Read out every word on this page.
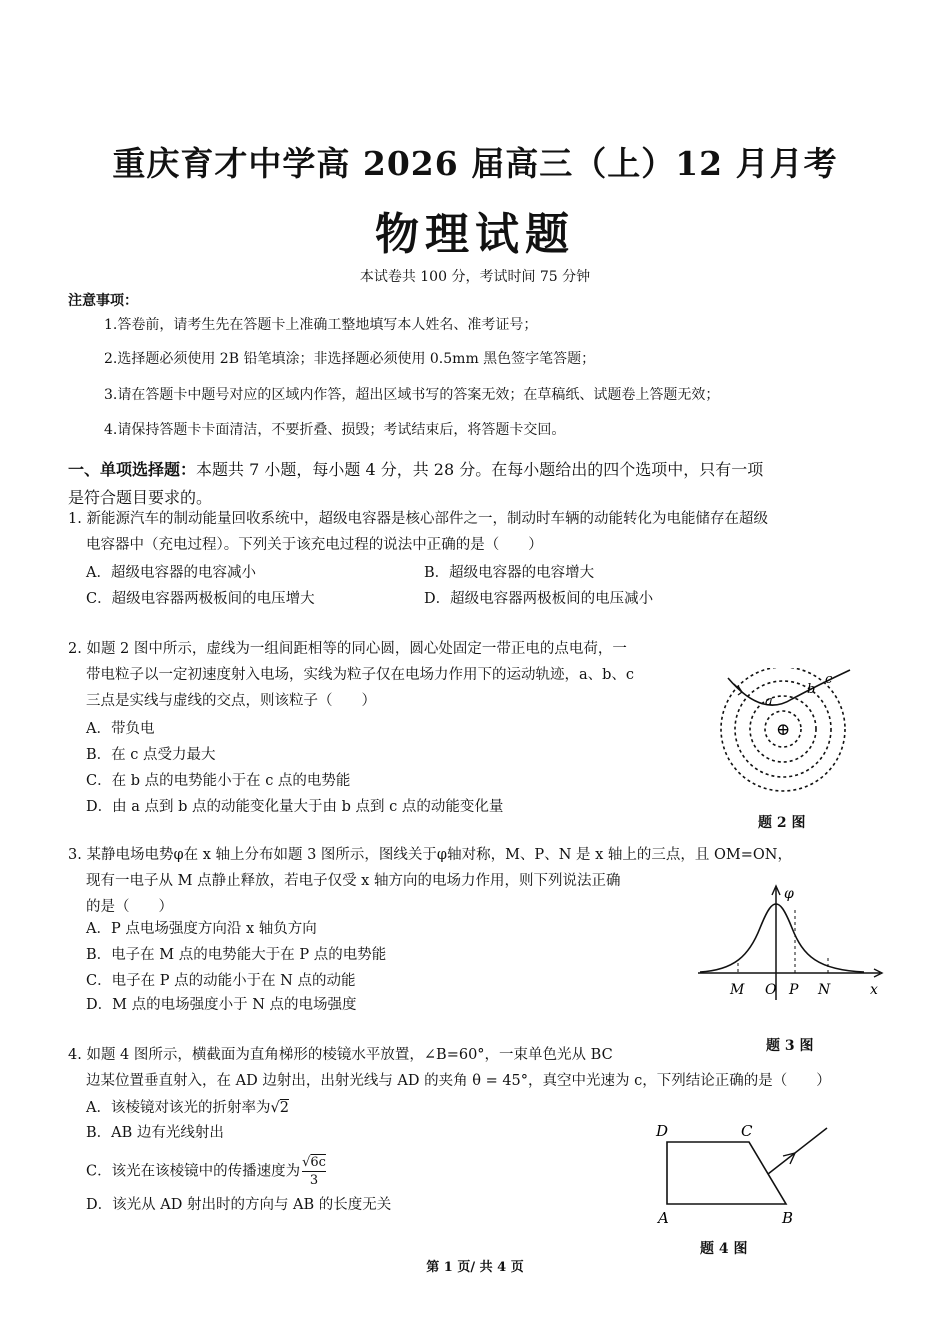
重庆育才中学高 2026 届高三（上）12 月月考
物理试题
本试卷共 100 分，考试时间 75 分钟
注意事项：
1.答卷前，请考生先在答题卡上准确工整地填写本人姓名、准考证号；
2.选择题必须使用 2B 铅笔填涂；非选择题必须使用 0.5mm 黑色签字笔答题；
3.请在答题卡中题号对应的区域内作答，超出区域书写的答案无效；在草稿纸、试题卷上答题无效；
4.请保持答题卡卡面清洁，不要折叠、损毁；考试结束后，将答题卡交回。
一、单项选择题：本题共 7 小题，每小题 4 分，共 28 分。在每小题给出的四个选项中，只有一项
是符合题目要求的。
1. 新能源汽车的制动能量回收系统中，超级电容器是核心部件之一，制动时车辆的动能转化为电能储存在超级
电容器中（充电过程）。下列关于该充电过程的说法中正确的是（　　）
A．超级电容器的电容减小	B．超级电容器的电容增大
C．超级电容器两极板间的电压增大	D．超级电容器两极板间的电压减小
2. 如题 2 图中所示，虚线为一组间距相等的同心圆，圆心处固定一带正电的点电荷，一
带电粒子以一定初速度射入电场，实线为粒子仅在电场力作用下的运动轨迹，a、b、c
三点是实线与虚线的交点，则该粒子（　　）
A．带负电
B．在 c 点受力最大
C．在 b 点的电势能小于在 c 点的电势能
D．由 a 点到 b 点的动能变化量大于由 b 点到 c 点的动能变化量
a
b
c
⊕
题 2 图
3. 某静电场电势φ在 x 轴上分布如题 3 图所示，图线关于φ轴对称，M、P、N 是 x 轴上的三点，且 OM=ON，
现有一电子从 M 点静止释放，若电子仅受 x 轴方向的电场力作用，则下列说法正确
的是（　　）
A．P 点电场强度方向沿 x 轴负方向
B．电子在 M 点的电势能大于在 P 点的电势能
C．电子在 P 点的动能小于在 N 点的动能
D．M 点的电场强度小于 N 点的电场强度
φ
M O P N	x
题 3 图
4. 如题 4 图所示，横截面为直角梯形的棱镜水平放置，∠B=60°，一束单色光从 BC
边某位置垂直射入，在 AD 边射出，出射光线与 AD 的夹角 θ = 45°，真空中光速为 c，下列结论正确的是（　　）
A．该棱镜对该光的折射率为√2
B．AB 边有光线射出
C．该光在该棱镜中的传播速度为 $\frac{√6c}{3}$
D．该光从 AD 射出时的方向与 AB 的长度无关
D	C
A	B
题 4 图
第 1 页/ 共 4 页
